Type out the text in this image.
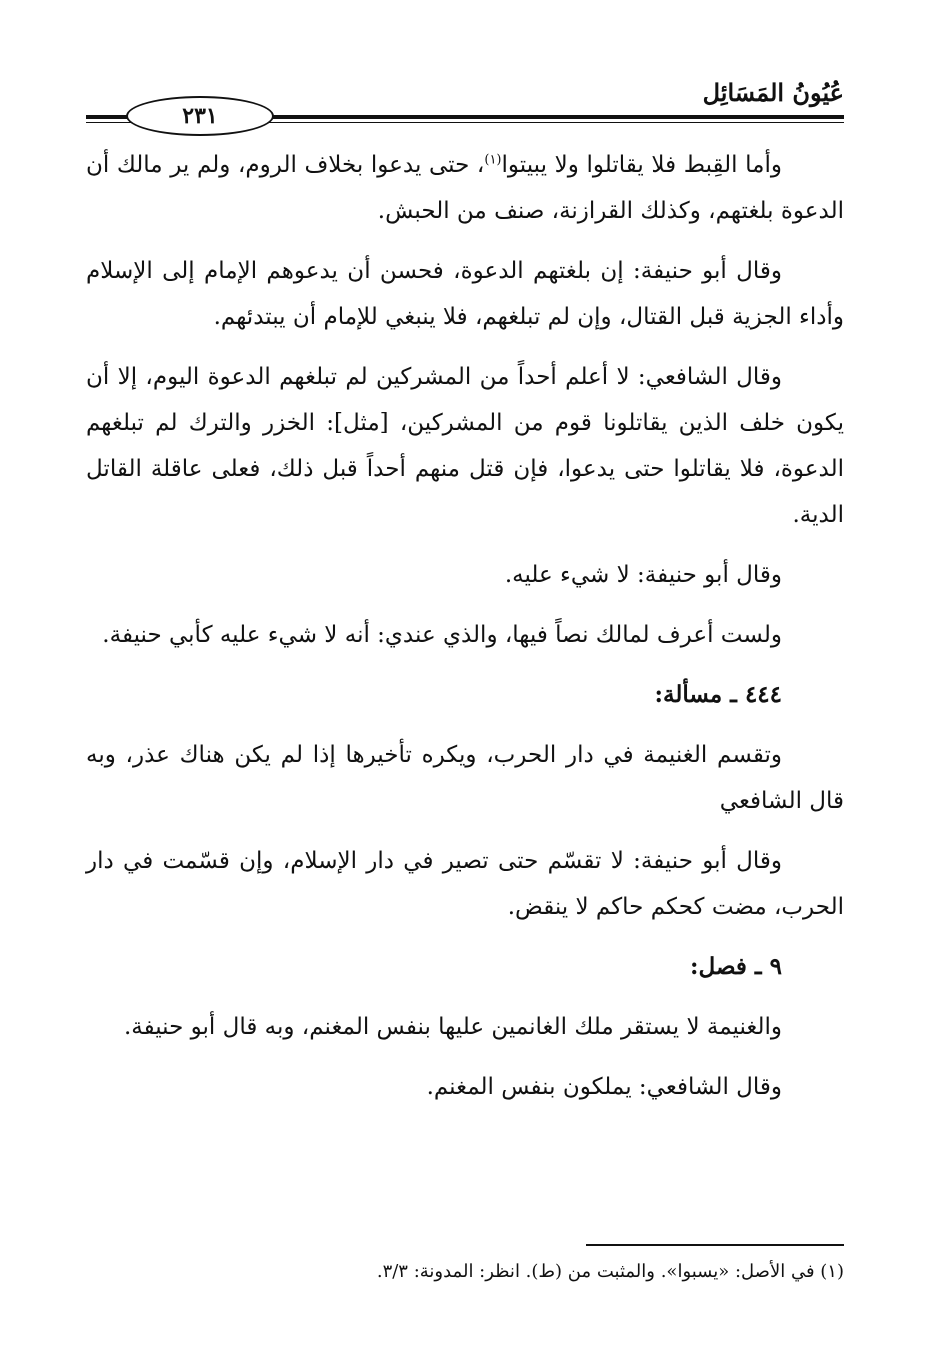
٢٣١
عُيُونُ المَسَائِل

وأما القِبط فلا يقاتلوا ولا يبيتوا$^{(١)}$، حتى يدعوا بخلاف الروم، ولم ير مالك أن الدعوة بلغتهم، وكذلك القرازنة، صنف من الحبش.

وقال أبو حنيفة: إن بلغتهم الدعوة، فحسن أن يدعوهم الإمام إلى الإسلام وأداء الجزية قبل القتال، وإن لم تبلغهم، فلا ينبغي للإمام أن يبتدئهم.

وقال الشافعي: لا أعلم أحداً من المشركين لم تبلغهم الدعوة اليوم، إلا أن يكون خلف الذين يقاتلونا قوم من المشركين، [مثل]: الخزر والترك لم تبلغهم الدعوة، فلا يقاتلوا حتى يدعوا، فإن قتل منهم أحداً قبل ذلك، فعلى عاقلة القاتل الدية.

وقال أبو حنيفة: لا شيء عليه.

ولست أعرف لمالك نصاً فيها، والذي عندي: أنه لا شيء عليه كأبي حنيفة.

٤٤٤ ـ مسألة:

وتقسم الغنيمة في دار الحرب، ويكره تأخيرها إذا لم يكن هناك عذر، وبه قال الشافعي

وقال أبو حنيفة: لا تقسّم حتى تصير في دار الإسلام، وإن قسّمت في دار الحرب، مضت كحكم حاكم لا ينقض.

٩ ـ فصل:

والغنيمة لا يستقر ملك الغانمين عليها بنفس المغنم، وبه قال أبو حنيفة.

وقال الشافعي: يملكون بنفس المغنم.

(١) في الأصل: «يسبوا». والمثبت من (ط). انظر: المدونة: ٣/٣.
